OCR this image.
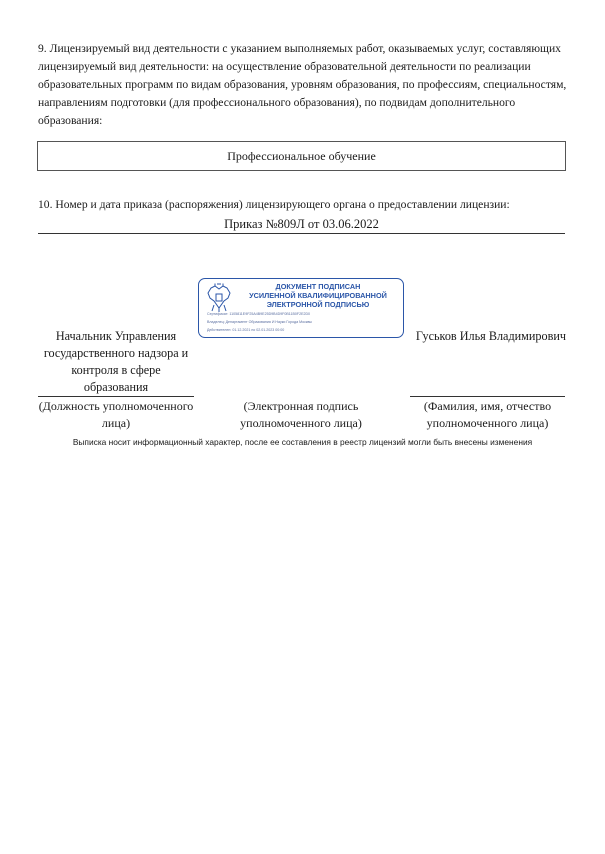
9. Лицензируемый вид деятельности с указанием выполняемых работ, оказываемых услуг, составляющих лицензируемый вид деятельности: на осуществление образовательной деятельности по реализации образовательных программ по видам образования, уровням образования, по профессиям, специальностям, направлениям подготовки (для профессионального образования), по подвидам дополнительного образования:
Профессиональное обучение
10. Номер и дата приказа (распоряжения) лицензирующего органа о предоставлении лицензии:
Приказ №809Л от 03.06.2022
ДОКУМЕНТ ПОДПИСАН
УСИЛЕННОЙ КВАЛИФИЦИРОВАННОЙ
ЭЛЕКТРОННОЙ ПОДПИСЬЮ
Сертификат: 1105811E9F25A4B9E25D9B4D9F0B11B0F2E2D0
Владелец: Департамент Образования И Науки Города Москвы
Действителен: 01.12.2021 по 02.01.2023 00:00
Начальник Управления государственного надзора и контроля в сфере образования
Гуськов Илья Владимирович
(Должность уполномоченного лица)
(Электронная подпись уполномоченного лица)
(Фамилия, имя, отчество уполномоченного лица)
Выписка носит информационный характер, после ее составления в реестр лицензий могли быть внесены изменения
